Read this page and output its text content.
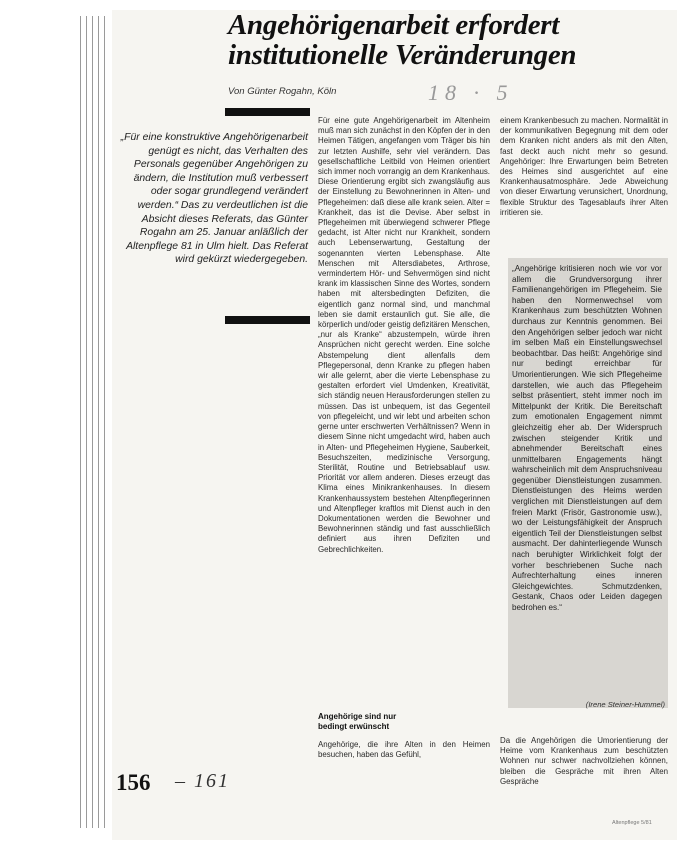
Angehörigenarbeit erfordert
institutionelle Veränderungen
Von Günter Rogahn, Köln	18 · 5

„Für eine konstruktive Angehörigenarbeit genügt es nicht, das Verhalten des Personals gegenüber Angehörigen zu ändern, die Institution muß verbessert oder sogar grundlegend verändert werden.“ Das zu verdeutlichen ist die Absicht dieses Referats, das Günter Rogahn am 25. Januar anläßlich der Altenpflege 81 in Ulm hielt. Das Referat wird gekürzt wiedergegeben.

Für eine gute Angehörigenarbeit im Altenheim muß man sich zunächst in den Köpfen der in den Heimen Tätigen, angefangen vom Träger bis hin zur letzten Aushilfe, sehr viel verändern. Das gesellschaftliche Leitbild von Heimen orientiert sich immer noch vorrangig an dem Krankenhaus. Diese Orientierung ergibt sich zwangsläufig aus der Einstellung zu Bewohnerinnen in Alten- und Pflegeheimen: daß diese alle krank seien. Alter = Krankheit, das ist die Devise. Aber selbst in Pflegeheimen mit überwiegend schwerer Pflege gedacht, ist Alter nicht nur Krankheit, sondern auch Lebenserwartung, Gestaltung der sogenannten vierten Lebensphase. Alte Menschen mit Altersdiabetes, Arthrose, vermindertem Hör- und Sehvermögen sind nicht krank im klassischen Sinne des Wortes, sondern haben mit altersbedingten Defiziten, die eigentlich ganz normal sind, und manchmal leben sie damit erstaunlich gut. Sie alle, die körperlich und/oder geistig defizitären Menschen, „nur als Kranke“ abzustempeln, würde ihren Ansprüchen nicht gerecht werden. Eine solche Abstempelung dient allenfalls dem Pflegepersonal, denn Kranke zu pflegen haben wir alle gelernt, aber die vierte Lebensphase zu gestalten erfordert viel Umdenken, Kreativität, sich ständig neuen Herausforderungen stellen zu müssen. Das ist unbequem, ist das Gegenteil von pflegeleicht, und wir lebt und arbeiten schon gerne unter erschwerten Verhältnissen? Wenn in diesem Sinne nicht umgedacht wird, haben auch in Alten- und Pflegeheimen Hygiene, Sauberkeit, Besuchszeiten, medizinische Versorgung, Sterilität, Routine und Betriebsablauf usw. Priorität vor allem anderen. Dieses erzeugt das Klima eines Minikrankenhauses. In diesem Krankenhaussystem bestehen Altenpflegerinnen und Altenpfleger kraftlos mit Dienst auch in den Dokumentationen werden die Bewohner und Bewohnerinnen ständig und fast ausschließlich definiert aus ihren Defiziten und Gebrechlichkeiten.

Angehörige sind nur bedingt erwünscht

Angehörige, die ihre Alten in den Heimen besuchen, haben das Gefühl,

einem Krankenbesuch zu machen. Normalität in der kommunikativen Begegnung mit dem oder dem Kranken nicht anders als mit den Alten, fast deckt auch nicht mehr so gesund. Angehöriger: Ihre Erwartungen beim Betreten des Heimes sind ausgerichtet auf eine Krankenhausatmosphäre. Jede Abweichung von dieser Erwartung verunsichert, Unordnung, flexible Struktur des Tagesablaufs ihrer Alten irritieren sie.

„Angehörige kritisieren noch wie vor vor allem die Grundversorgung ihrer Familienangehörigen im Pflegeheim. Sie haben den Normenwechsel vom Krankenhaus zum beschützten Wohnen durchaus zur Kenntnis genommen. Bei den Angehörigen selber jedoch war nicht im selben Maß ein Einstellungswechsel beobachtbar. Das heißt: Angehörige sind nur bedingt erreichbar für Umorientierungen. Wie sich Pflegeheime darstellen, wie auch das Pflegeheim selbst präsentiert, steht immer noch im Mittelpunkt der Kritik. Die Bereitschaft zum emotionalen Engagement nimmt gleichzeitig eher ab. Der Widerspruch zwischen steigender Kritik und abnehmender Bereitschaft eines unmittelbaren Engagements hängt wahrscheinlich mit dem Anspruchsniveau gegenüber Dienstleistungen zusammen. Dienstleistungen des Heims werden verglichen mit Dienstleistungen auf dem freien Markt (Frisör, Gastronomie usw.), wo der Leistungsfähigkeit der Anspruch eigentlich Teil der Dienstleistungen selbst ausmacht. Der dahinterliegende Wunsch nach beruhigter Wirklichkeit folgt der vorher beschriebenen Suche nach Aufrechterhaltung eines inneren Gleichgewichtes. Schmutzdenken, Gestank, Chaos oder Leiden dagegen bedrohen es.“

(Irene Steiner-Hummel)

Da die Angehörigen die Umorientierung der Heime vom Krankenhaus zum beschützten Wohnen nur schwer nachvollziehen können, bleiben die Gespräche mit ihren Alten Gespräche

156 – 161
Altenpflege 5/81
